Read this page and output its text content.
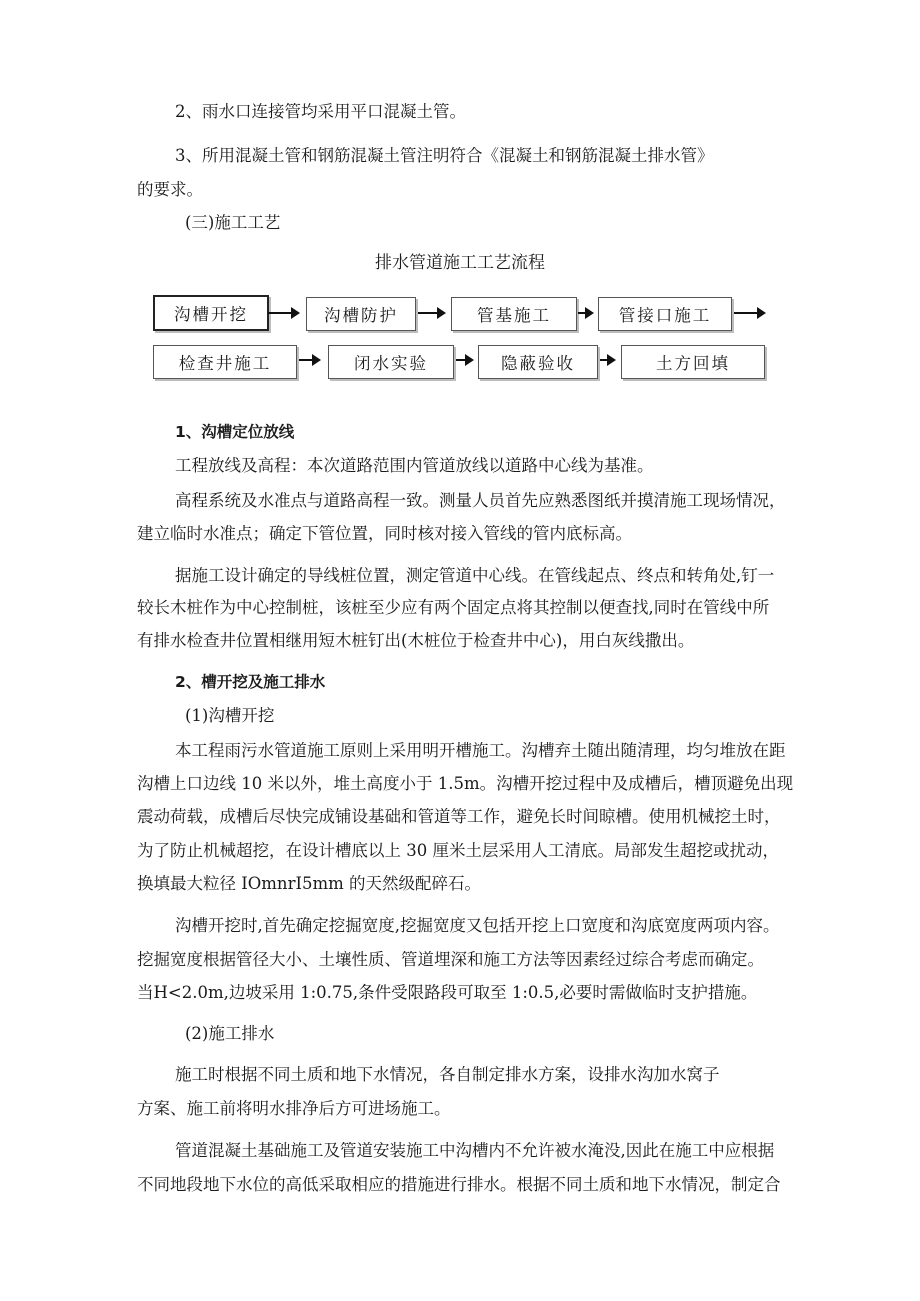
2、雨水口连接管均采用平口混凝土管。
3、所用混凝土管和钢筋混凝土管注明符合《混凝土和钢筋混凝土排水管》
的要求。
(三)施工工艺
排水管道施工工艺流程
沟槽开挖	沟槽防护	管基施工	管接口施工
检查井施工	闭水实验	隐蔽验收	土方回填
1、沟槽定位放线
工程放线及高程：本次道路范围内管道放线以道路中心线为基准。
高程系统及水准点与道路高程一致。测量人员首先应熟悉图纸并摸清施工现场情况，
建立临时水准点；确定下管位置，同时核对接入管线的管内底标高。
据施工设计确定的导线桩位置，测定管道中心线。在管线起点、终点和转角处,钉一
较长木桩作为中心控制桩，该桩至少应有两个固定点将其控制以便查找,同时在管线中所
有排水检查井位置相继用短木桩钉出(木桩位于检查井中心)，用白灰线撒出。
2、槽开挖及施工排水
(1)沟槽开挖
本工程雨污水管道施工原则上采用明开槽施工。沟槽弃土随出随清理，均匀堆放在距
沟槽上口边线 10 米以外，堆土高度小于 1.5m。沟槽开挖过程中及成槽后，槽顶避免出现
震动荷载，成槽后尽快完成铺设基础和管道等工作，避免长时间晾槽。使用机械挖土时，
为了防止机械超挖，在设计槽底以上 30 厘米土层采用人工清底。局部发生超挖或扰动，
换填最大粒径 IOmnrI5mm 的天然级配碎石。
沟槽开挖时,首先确定挖掘宽度,挖掘宽度又包括开挖上口宽度和沟底宽度两项内容。
挖掘宽度根据管径大小、土壤性质、管道埋深和施工方法等因素经过综合考虑而确定。
当H<2.0m,边坡采用 1:0.75,条件受限路段可取至 1:0.5,必要时需做临时支护措施。
(2)施工排水
施工时根据不同土质和地下水情况，各自制定排水方案，设排水沟加水窝子
方案、施工前将明水排净后方可进场施工。
管道混凝土基础施工及管道安装施工中沟槽内不允许被水淹没,因此在施工中应根据
不同地段地下水位的高低采取相应的措施进行排水。根据不同土质和地下水情况，制定合
